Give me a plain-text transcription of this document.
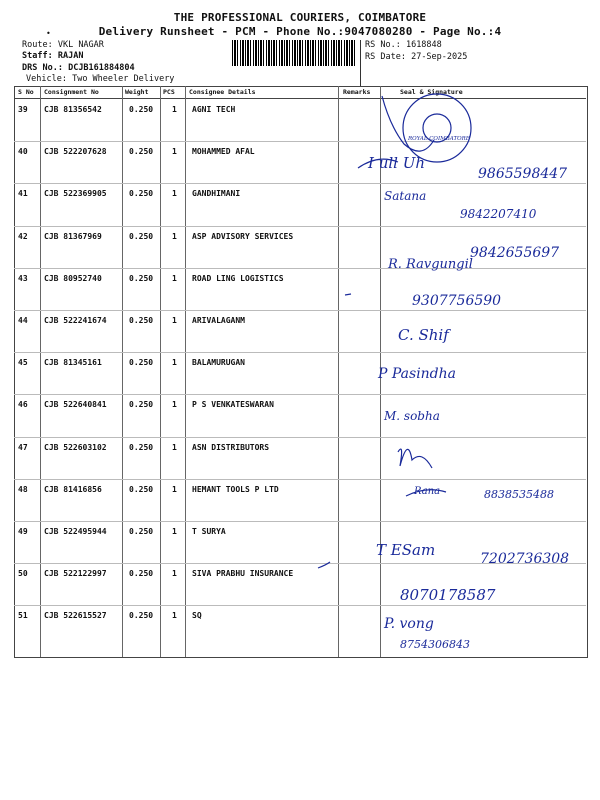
THE PROFESSIONAL COURIERS, COIMBATORE
•	Delivery Runsheet - PCM - Phone No.:9047080280 - Page No.:4
Route: VKL NAGAR
Staff: RAJAN
DRS No.: DCJB161884804
Vehicle: Two Wheeler Delivery
RS No.: 1618848
RS Date: 27-Sep-2025
S No Consignment No	Weight PCS Consignee Details	Remarks	Seal & Signature
39 CJB 81356542	0.250 1 AGNI TECH
40 CJB 522207628	0.250 1 MOHAMMED AFAL
41 CJB 522369905	0.250 1 GANDHIMANI
42 CJB 81367969	0.250 1 ASP ADVISORY SERVICES
43 CJB 80952740	0.250 1 ROAD LING LOGISTICS
44 CJB 522241674	0.250 1 ARIVALAGANM
45 CJB 81345161	0.250 1 BALAMURUGAN
46 CJB 522640841	0.250 1 P S VENKATESWARAN
47 CJB 522603102	0.250 1 ASN DISTRIBUTORS
48 CJB 81416856	0.250 1 HEMANT TOOLS P LTD
49 CJB 522495944	0.250 1 T SURYA
50 CJB 522122997	0.250 1 SIVA PRABHU INSURANCE
51 CJB 522615527	0.250 1 SQ
ROYAL COIMBATORE
I ull Uh
9865598447
Satana
9842207410
9842655697
R. Ravgungil
9307756590
C. Shif
P Pasindha
M. sobha
Rana	8838535488
T ESam	7202736308
8070178587
P. vong
8754306843
